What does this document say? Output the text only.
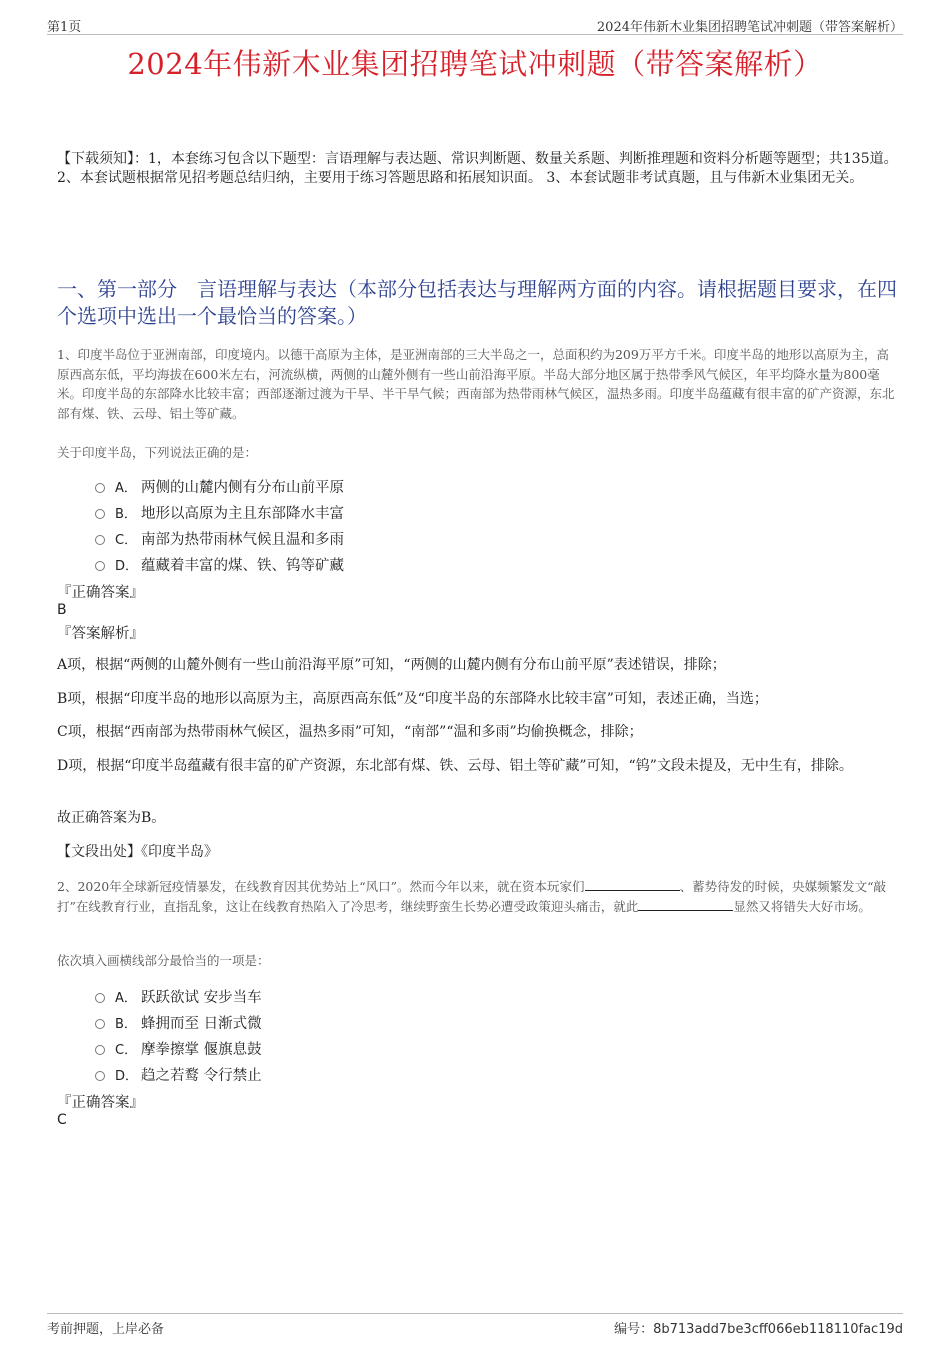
第1页	2024年伟新木业集团招聘笔试冲刺题（带答案解析）
2024年伟新木业集团招聘笔试冲刺题（带答案解析）
【下载须知】：1，本套练习包含以下题型：言语理解与表达题、常识判断题、数量关系题、判断推理题和资料分析题等题型；共135道。 2、本套试题根据常见招考题总结归纳，主要用于练习答题思路和拓展知识面。 3、本套试题非考试真题，且与伟新木业集团无关。
一、第一部分　言语理解与表达（本部分包括表达与理解两方面的内容。请根据题目要求，在四个选项中选出一个最恰当的答案。）
1、印度半岛位于亚洲南部，印度境内。以德干高原为主体，是亚洲南部的三大半岛之一，总面积约为209万平方千米。印度半岛的地形以高原为主，高原西高东低，平均海拔在600米左右，河流纵横，两侧的山麓外侧有一些山前沿海平原。半岛大部分地区属于热带季风气候区，年平均降水量为800毫米。印度半岛的东部降水比较丰富；西部逐渐过渡为干旱、半干旱气候；西南部为热带雨林气候区，温热多雨。印度半岛蕴藏有很丰富的矿产资源，东北部有煤、铁、云母、铝土等矿藏。
关于印度半岛，下列说法正确的是：
A． 两侧的山麓内侧有分布山前平原
B． 地形以高原为主且东部降水丰富
C． 南部为热带雨林气候且温和多雨
D． 蕴藏着丰富的煤、铁、钨等矿藏
『正确答案』
B
『答案解析』
A项，根据“两侧的山麓外侧有一些山前沿海平原”可知，“两侧的山麓内侧有分布山前平原”表述错误，排除；
B项，根据“印度半岛的地形以高原为主，高原西高东低”及“印度半岛的东部降水比较丰富”可知，表述正确，当选；
C项，根据“西南部为热带雨林气候区，温热多雨”可知，“南部”“温和多雨”均偷换概念，排除；
D项，根据“印度半岛蕴藏有很丰富的矿产资源，东北部有煤、铁、云母、铝土等矿藏”可知，“钨”文段未提及，无中生有，排除。
故正确答案为B。
【文段出处】《印度半岛》
2、2020年全球新冠疫情暴发，在线教育因其优势站上“风口”。然而今年以来，就在资本玩家们	、蓄势待发的时候，央媒频繁发文“敲打”在线教育行业，直指乱象，这让在线教育热陷入了冷思考，继续野蛮生长势必遭受政策迎头痛击，就此	显然又将错失大好市场。
依次填入画横线部分最恰当的一项是：
A． 跃跃欲试 安步当车
B． 蜂拥而至 日渐式微
C． 摩拳擦掌 偃旗息鼓
D． 趋之若鹜 令行禁止
『正确答案』
C
考前押题，上岸必备	编号：8b713add7be3cff066eb118110fac19d
